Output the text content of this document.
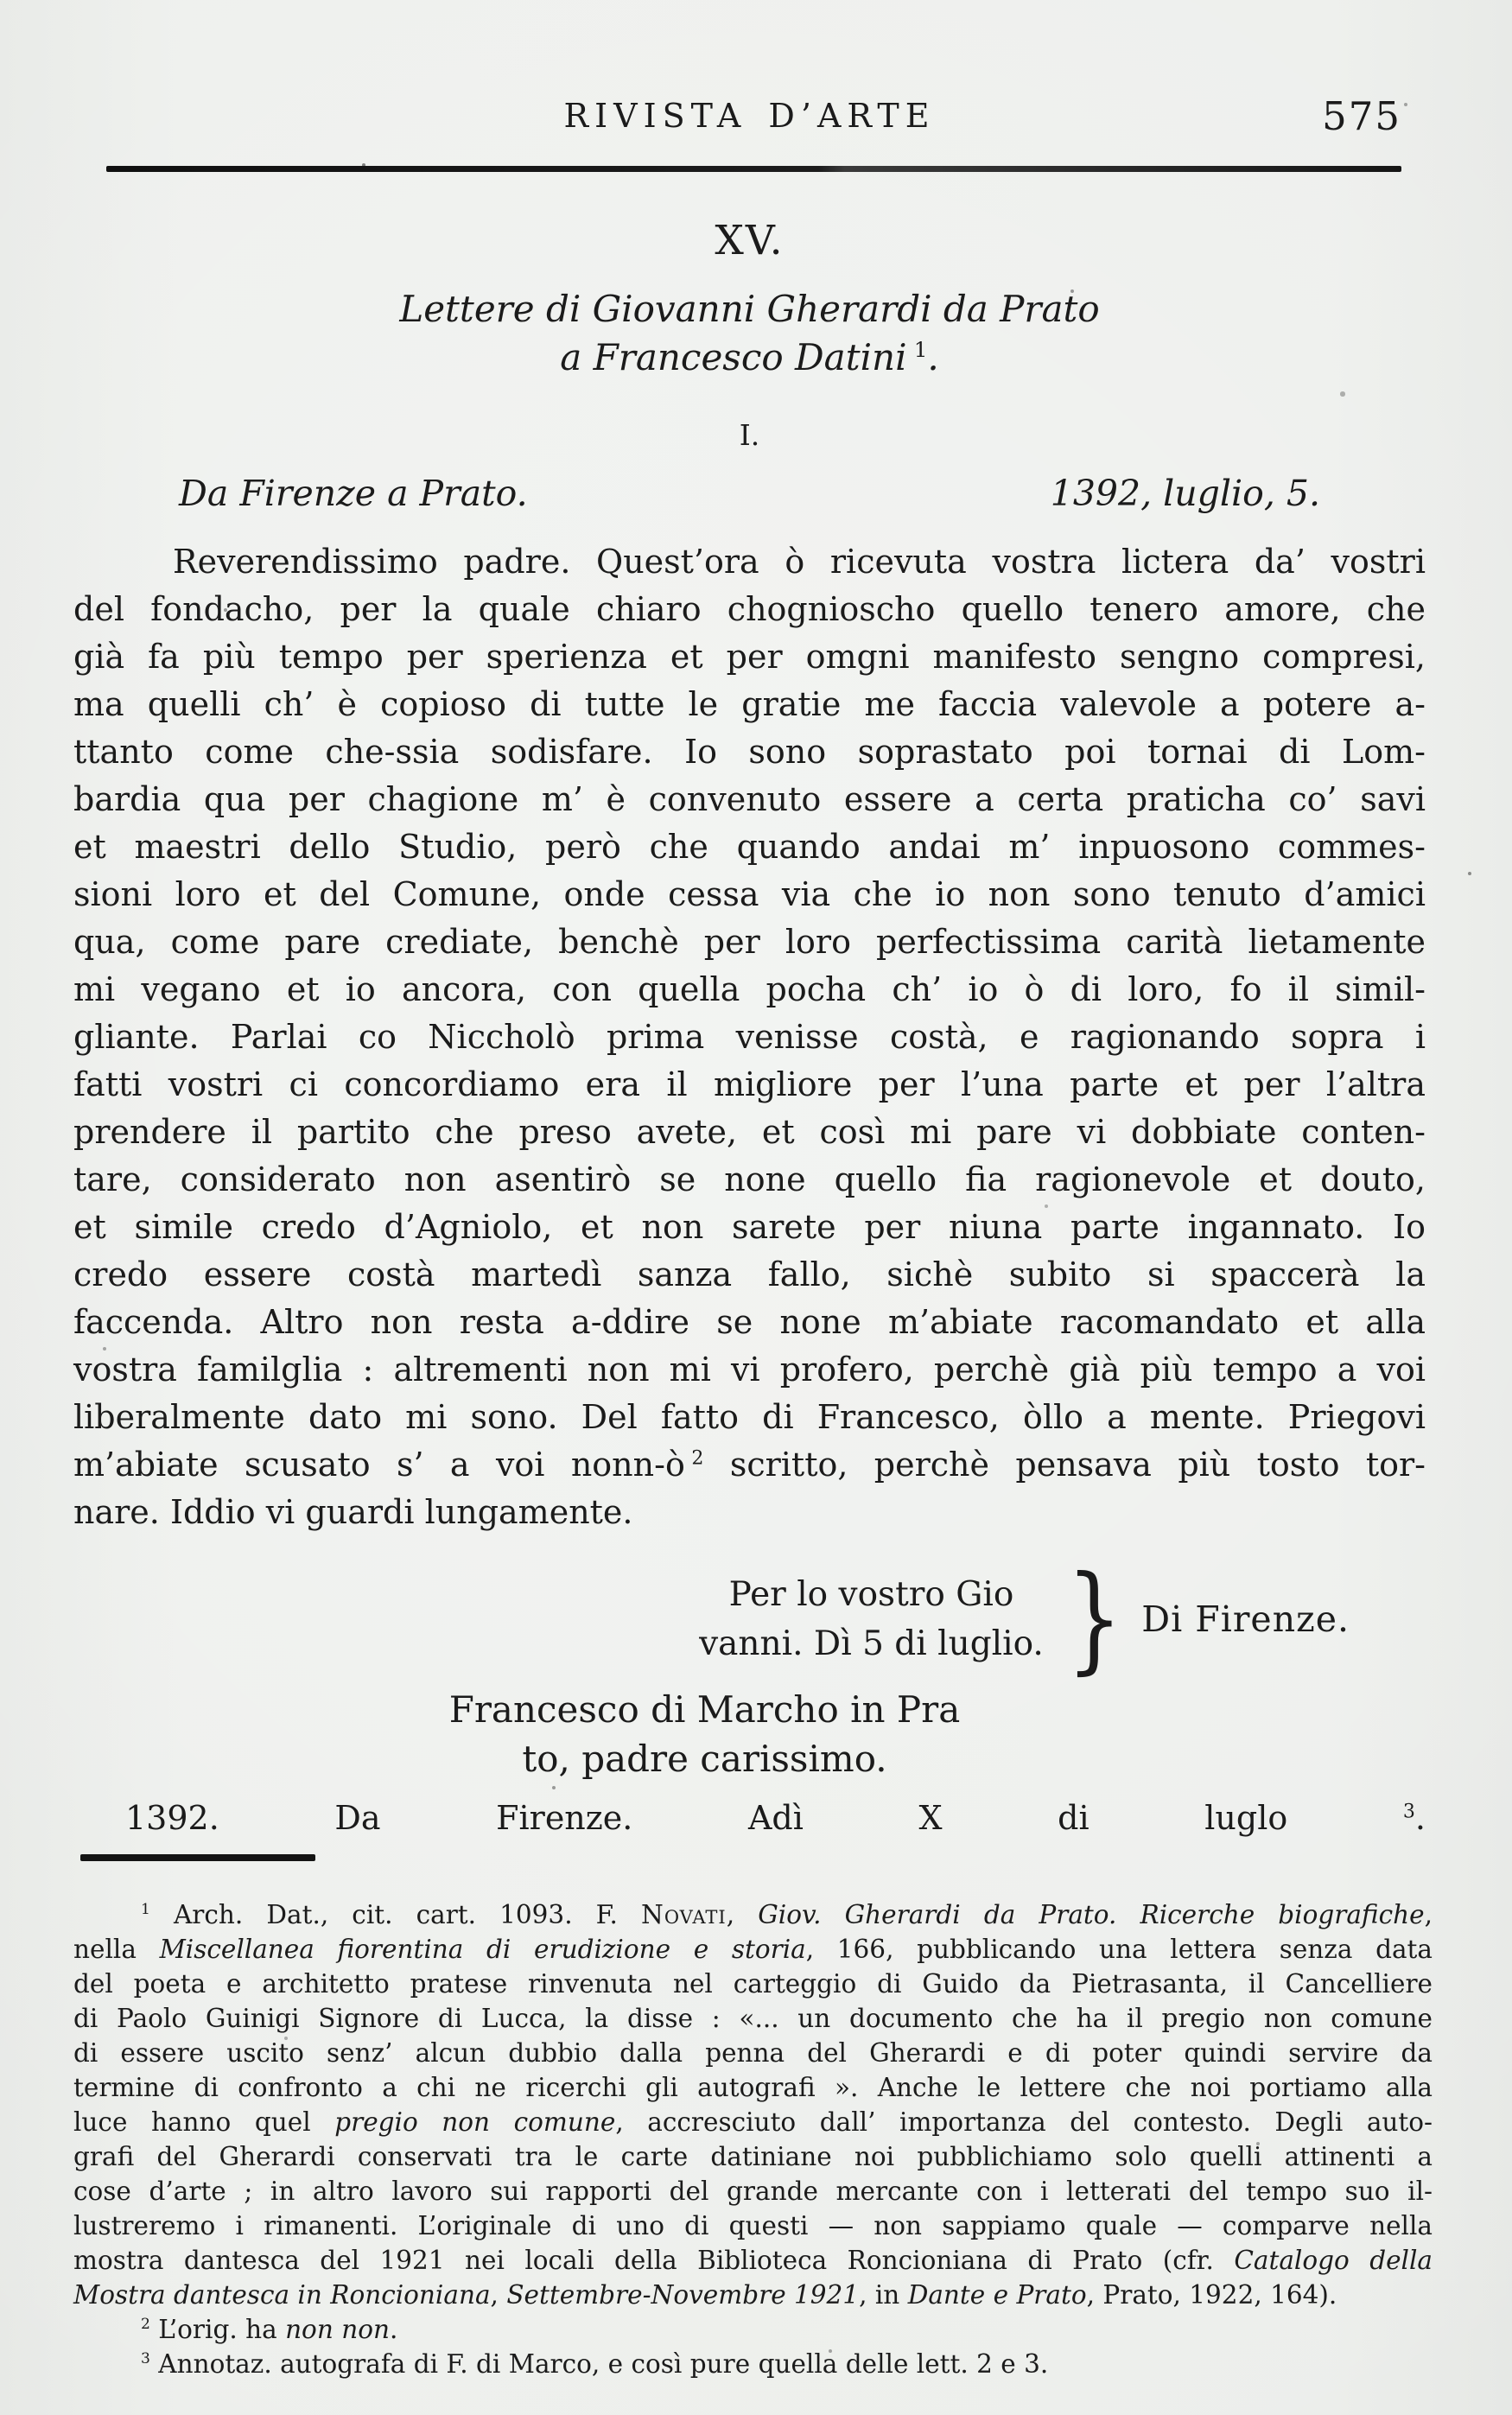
RIVISTA D’ARTE	575
XV.
Lettere di Giovanni Gherardi da Prato
a Francesco Datini $^1$.
I.
Da Firenze a Prato.	1392, luglio, 5.
Reverendissimo padre. Quest’ora ò ricevuta vostra lictera da’ vostri
del fondacho, per la quale chiaro chognioscho quello tenero amore, che
già fa più tempo per sperienza et per omgni manifesto sengno compresi,
ma quelli ch’ è copioso di tutte le gratie me faccia valevole a potere a-
ttanto come che-ssia sodisfare. Io sono soprastato poi tornai di Lom-
bardia qua per chagione m’ è convenuto essere a certa praticha co’ savi
et maestri dello Studio, però che quando andai m’ inpuosono commes-
sioni loro et del Comune, onde cessa via che io non sono tenuto d’amici
qua, come pare crediate, benchè per loro perfectissima carità lietamente
mi vegano et io ancora, con quella pocha ch’ io ò di loro, fo il simil-
gliante. Parlai co Niccholò prima venisse costà, e ragionando sopra i
fatti vostri ci concordiamo era il migliore per l’una parte et per l’altra
prendere il partito che preso avete, et così mi pare vi dobbiate conten-
tare, considerato non asentirò se none quello fia ragionevole et douto,
et simile credo d’Agniolo, et non sarete per niuna parte ingannato. Io
credo essere costà martedì sanza fallo, sichè subito si spaccerà la
faccenda. Altro non resta a-ddire se none m’abiate racomandato et alla
vostra familglia : altrementi non mi vi profero, perchè già più tempo a voi
liberalmente dato mi sono. Del fatto di Francesco, òllo a mente. Priegovi
m’abiate scusato s’ a voi nonn-ò $^2$ scritto, perchè pensava più tosto tor-
nare. Iddio vi guardi lungamente.
Per lo vostro Gio
vanni. Dì 5 di luglio. } Di Firenze.
Francesco di Marcho in Pra
to, padre carissimo.
1392. Da Firenze. Adì X di luglo $^3$.
$^1$ Arch. Dat., cit. cart. 1093. F. Novati, Giov. Gherardi da Prato. Ricerche biografiche,
nella Miscellanea fiorentina di erudizione e storia, 166, pubblicando una lettera senza data
del poeta e architetto pratese rinvenuta nel carteggio di Guido da Pietrasanta, il Cancelliere
di Paolo Guinigi Signore di Lucca, la disse : «... un documento che ha il pregio non comune
di essere uscito senz’ alcun dubbio dalla penna del Gherardi e di poter quindi servire da
termine di confronto a chi ne ricerchi gli autografi ». Anche le lettere che noi portiamo alla
luce hanno quel pregio non comune, accresciuto dall’ importanza del contesto. Degli auto-
grafi del Gherardi conservati tra le carte datiniane noi pubblichiamo solo quelli attinenti a
cose d’arte ; in altro lavoro sui rapporti del grande mercante con i letterati del tempo suo il-
lustreremo i rimanenti. L’originale di uno di questi — non sappiamo quale — comparve nella
mostra dantesca del 1921 nei locali della Biblioteca Roncioniana di Prato (cfr. Catalogo della
Mostra dantesca in Roncioniana, Settembre-Novembre 1921, in Dante e Prato, Prato, 1922, 164).
$^2$ L’orig. ha non non.
$^3$ Annotaz. autografa di F. di Marco, e così pure quella delle lett. 2 e 3.
